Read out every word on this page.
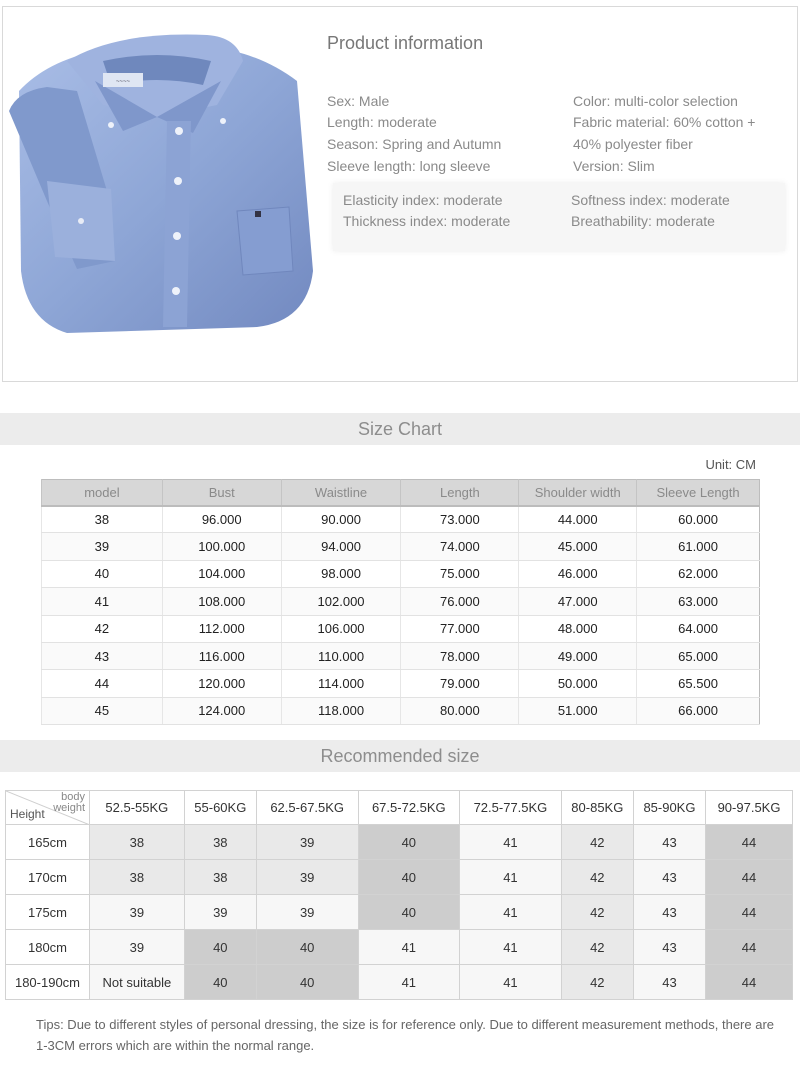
~~~~
Product information
Sex: Male
Length: moderate
Season: Spring and Autumn
Sleeve length: long sleeve
Color: multi-color selection
Fabric material: 60% cotton +
40% polyester fiber
Version: Slim
Elasticity index: moderate
Thickness index: moderate
Softness index: moderate
Breathability: moderate
Size Chart
Unit: CM
model	Bust	Waistline	Length	Shoulder width	Sleeve Length
38	96.000	90.000	73.000	44.000	60.000
39	100.000	94.000	74.000	45.000	61.000
40	104.000	98.000	75.000	46.000	62.000
41	108.000	102.000	76.000	47.000	63.000
42	112.000	106.000	77.000	48.000	64.000
43	116.000	110.000	78.000	49.000	65.000
44	120.000	114.000	79.000	50.000	65.500
45	124.000	118.000	80.000	51.000	66.000
Recommended size
body
weight
Height	52.5-55KG	55-60KG	62.5-67.5KG	67.5-72.5KG	72.5-77.5KG	80-85KG	85-90KG	90-97.5KG
165cm	38	38	39	40	41	42	43	44
170cm	38	38	39	40	41	42	43	44
175cm	39	39	39	40	41	42	43	44
180cm	39	40	40	41	41	42	43	44
180-190cm	Not suitable	40	40	41	41	42	43	44
Tips: Due to different styles of personal dressing, the size is for reference only. Due to different measurement methods, there are 1-3CM errors which are within the normal range.
